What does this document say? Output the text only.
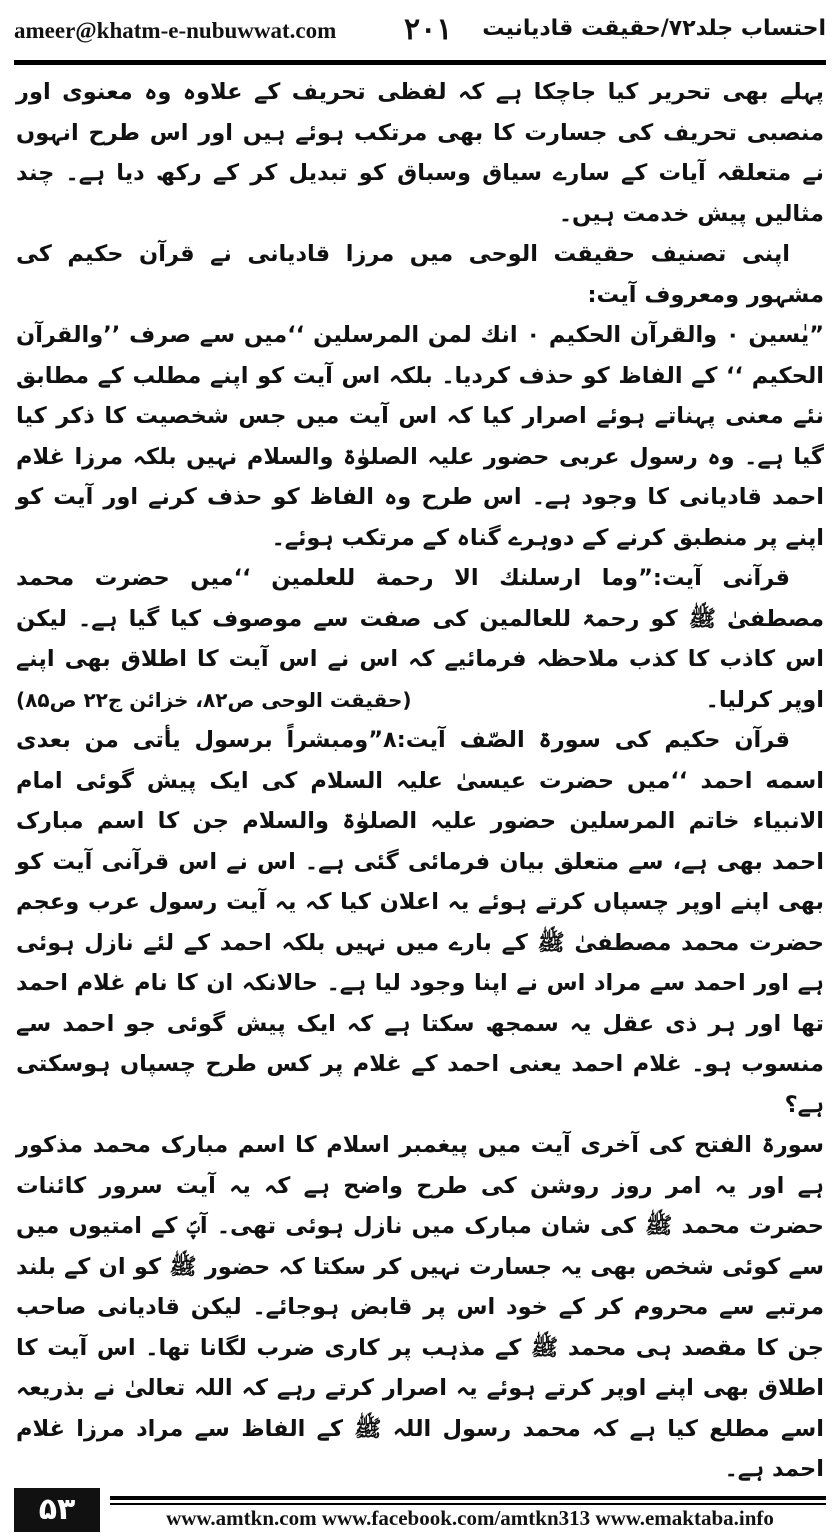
ameer@khatm-e-nubuwwat.com ۲۰۱ احتساب جلد۷۲/حقیقت قادیانیت

پہلے بھی تحریر کیا جاچکا ہے کہ لفظی تحریف کے علاوہ وہ معنوی اور منصبی تحریف کی جسارت کا بھی مرتکب ہوئے ہیں اور اس طرح انہوں نے متعلقہ آیات کے سارے سیاق وسباق کو تبدیل کر کے رکھ دیا ہے۔ چند مثالیں پیش خدمت ہیں۔

اپنی تصنیف حقیقت الوحی میں مرزا قادیانی نے قرآن حکیم کی مشہور ومعروف آیت:

”یٰسین ۰ والقرآن الحکیم ۰ انك لمن المرسلین ‘‘میں سے صرف ’’والقرآن الحکیم ‘‘ کے الفاظ کو حذف کردیا۔ بلکہ اس آیت کو اپنے مطلب کے مطابق نئے معنی پہناتے ہوئے اصرار کیا کہ اس آیت میں جس شخصیت کا ذکر کیا گیا ہے۔ وہ رسول عربی حضور علیہ الصلوٰۃ والسلام نہیں بلکہ مرزا غلام احمد قادیانی کا وجود ہے۔ اس طرح وہ الفاظ کو حذف کرنے اور آیت کو اپنے پر منطبق کرنے کے دوہرے گناہ کے مرتکب ہوئے۔

قرآنی آیت:”وما ارسلنك الا رحمة للعلمین ‘‘میں حضرت محمد مصطفیٰ ﷺ کو رحمۃ للعالمین کی صفت سے موصوف کیا گیا ہے۔ لیکن اس کاذب کا کذب ملاحظہ فرمائیے کہ اس نے اس آیت کا اطلاق بھی اپنے اوپر کرلیا۔
(حقیقت الوحی ص۸۲، خزائن ج۲۲ ص۸۵)

قرآن حکیم کی سورۃ الصّف آیت:۸”ومبشراً برسول یأتی من بعدی اسمه احمد ‘‘میں حضرت عیسیٰ علیہ السلام کی ایک پیش گوئی امام الانبیاء خاتم المرسلین حضور علیہ الصلوٰۃ والسلام جن کا اسم مبارک احمد بھی ہے، سے متعلق بیان فرمائی گئی ہے۔ اس نے اس قرآنی آیت کو بھی اپنے اوپر چسپاں کرتے ہوئے یہ اعلان کیا کہ یہ آیت رسول عرب وعجم حضرت محمد مصطفیٰ ﷺ کے بارے میں نہیں بلکہ احمد کے لئے نازل ہوئی ہے اور احمد سے مراد اس نے اپنا وجود لیا ہے۔ حالانکہ ان کا نام غلام احمد تھا اور ہر ذی عقل یہ سمجھ سکتا ہے کہ ایک پیش گوئی جو احمد سے منسوب ہو۔ غلام احمد یعنی احمد کے غلام پر کس طرح چسپاں ہوسکتی ہے؟

سورۃ الفتح کی آخری آیت میں پیغمبر اسلام کا اسم مبارک محمد مذکور ہے اور یہ امر روز روشن کی طرح واضح ہے کہ یہ آیت سرور کائنات حضرت محمد ﷺ کی شان مبارک میں نازل ہوئی تھی۔ آپؐ کے امتیوں میں سے کوئی شخص بھی یہ جسارت نہیں کر سکتا کہ حضور ﷺ کو ان کے بلند مرتبے سے محروم کر کے خود اس پر قابض ہوجائے۔ لیکن قادیانی صاحب جن کا مقصد ہی محمد ﷺ کے مذہب پر کاری ضرب لگانا تھا۔ اس آیت کا اطلاق بھی اپنے اوپر کرتے ہوئے یہ اصرار کرتے رہے کہ اللہ تعالیٰ نے بذریعہ اسے مطلع کیا ہے کہ محمد رسول اللہ ﷺ کے الفاظ سے مراد مرزا غلام احمد ہے۔

۵۳	www.amtkn.com www.facebook.com/amtkn313 www.emaktaba.info
